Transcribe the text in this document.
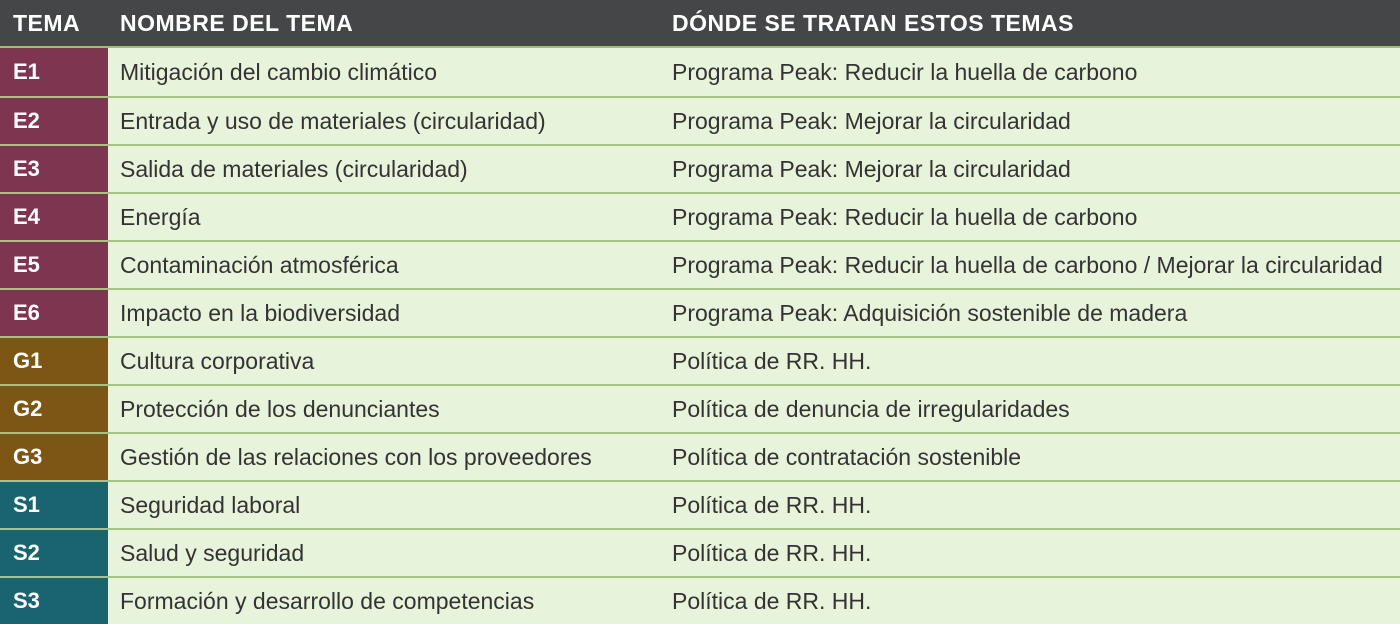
TEMA	NOMBRE DEL TEMA	DÓNDE SE TRATAN ESTOS TEMAS
E1	Mitigación del cambio climático	Programa Peak: Reducir la huella de carbono
E2	Entrada y uso de materiales (circularidad)	Programa Peak: Mejorar la circularidad
E3	Salida de materiales (circularidad)	Programa Peak: Mejorar la circularidad
E4	Energía	Programa Peak: Reducir la huella de carbono
E5	Contaminación atmosférica	Programa Peak: Reducir la huella de carbono / Mejorar la circularidad
E6	Impacto en la biodiversidad	Programa Peak: Adquisición sostenible de madera
G1	Cultura corporativa	Política de RR. HH.
G2	Protección de los denunciantes	Política de denuncia de irregularidades
G3	Gestión de las relaciones con los proveedores	Política de contratación sostenible
S1	Seguridad laboral	Política de RR. HH.
S2	Salud y seguridad	Política de RR. HH.
S3	Formación y desarrollo de competencias	Política de RR. HH.
